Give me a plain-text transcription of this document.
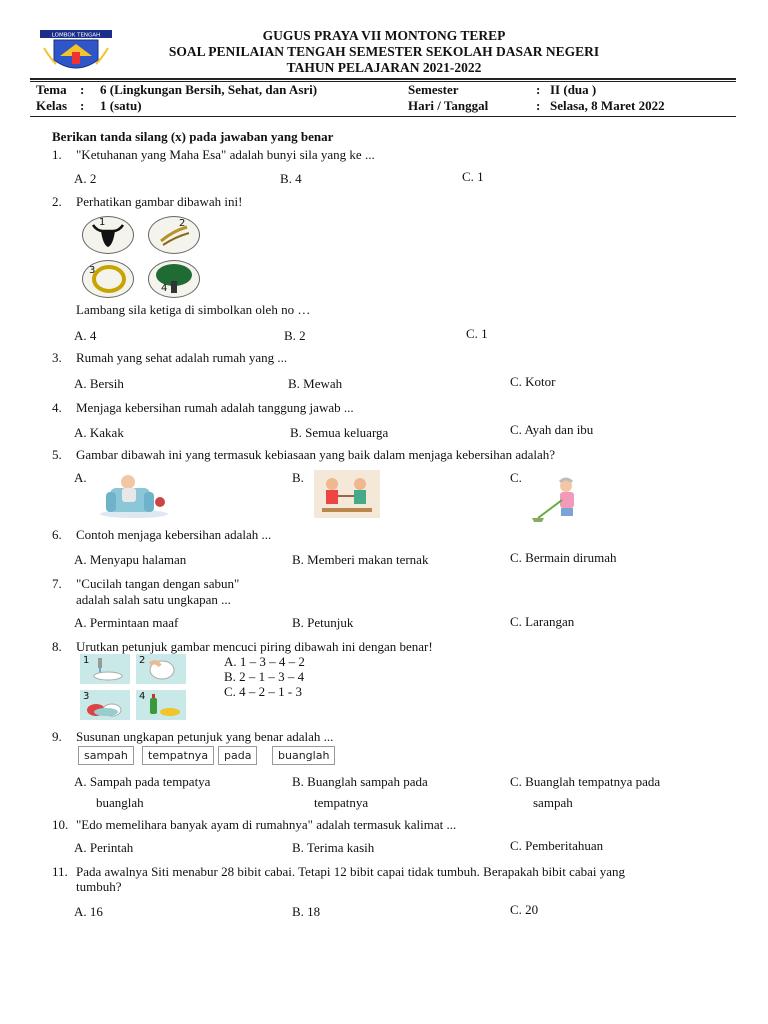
LOMBOK TENGAH	GUGUS PRAYA VII MONTONG TEREP
SOAL PENILAIAN TENGAH SEMESTER SEKOLAH DASAR NEGERI
TAHUN PELAJARAN 2021-2022
Tema : 6 (Lingkungan Bersih, Sehat, dan Asri)
Kelas : 1 (satu)
Semester	: II (dua )
Hari / Tanggal	: Selasa, 8 Maret 2022
Berikan tanda silang (x) pada jawaban yang benar
1. "Ketuhanan yang Maha Esa" adalah bunyi sila yang ke ...
A. 2	B. 4	C. 1
2. Perhatikan gambar dibawah ini!
1	2
3
4
Lambang sila ketiga di simbolkan oleh no …
A. 4	B. 2	C. 1
3. Rumah yang sehat adalah rumah yang ...
A. Bersih	B. Mewah	C. Kotor
4. Menjaga kebersihan rumah adalah tanggung jawab ...
A. Kakak	B. Semua keluarga	C. Ayah dan ibu
5. Gambar dibawah ini yang termasuk kebiasaan yang baik dalam menjaga kebersihan adalah?
A.	B.	C.
6. Contoh menjaga kebersihan adalah ...
A. Menyapu halaman	B. Memberi makan ternak	C. Bermain dirumah
7. "Cucilah tangan dengan sabun"
adalah salah satu ungkapan ...
A. Permintaan maaf	B. Petunjuk	C. Larangan
8. Urutkan petunjuk gambar mencuci piring dibawah ini dengan benar!
1	2
3	4
A. 1 – 3 – 4 – 2
B. 2 – 1 – 3 – 4
C. 4 – 2 – 1 - 3
9. Susunan ungkapan petunjuk yang benar adalah ...
sampah	tempatnya	pada	buanglah
A. Sampah pada tempatya
buanglah
B. Buanglah sampah pada
tempatnya
C. Buanglah tempatnya pada
sampah
10. "Edo memelihara banyak ayam di rumahnya" adalah termasuk kalimat ...
A. Perintah	B. Terima kasih	C. Pemberitahuan
11. Pada awalnya Siti menabur 28 bibit cabai. Tetapi 12 bibit capai tidak tumbuh. Berapakah bibit cabai yang
tumbuh?
A. 16	B. 18	C. 20
